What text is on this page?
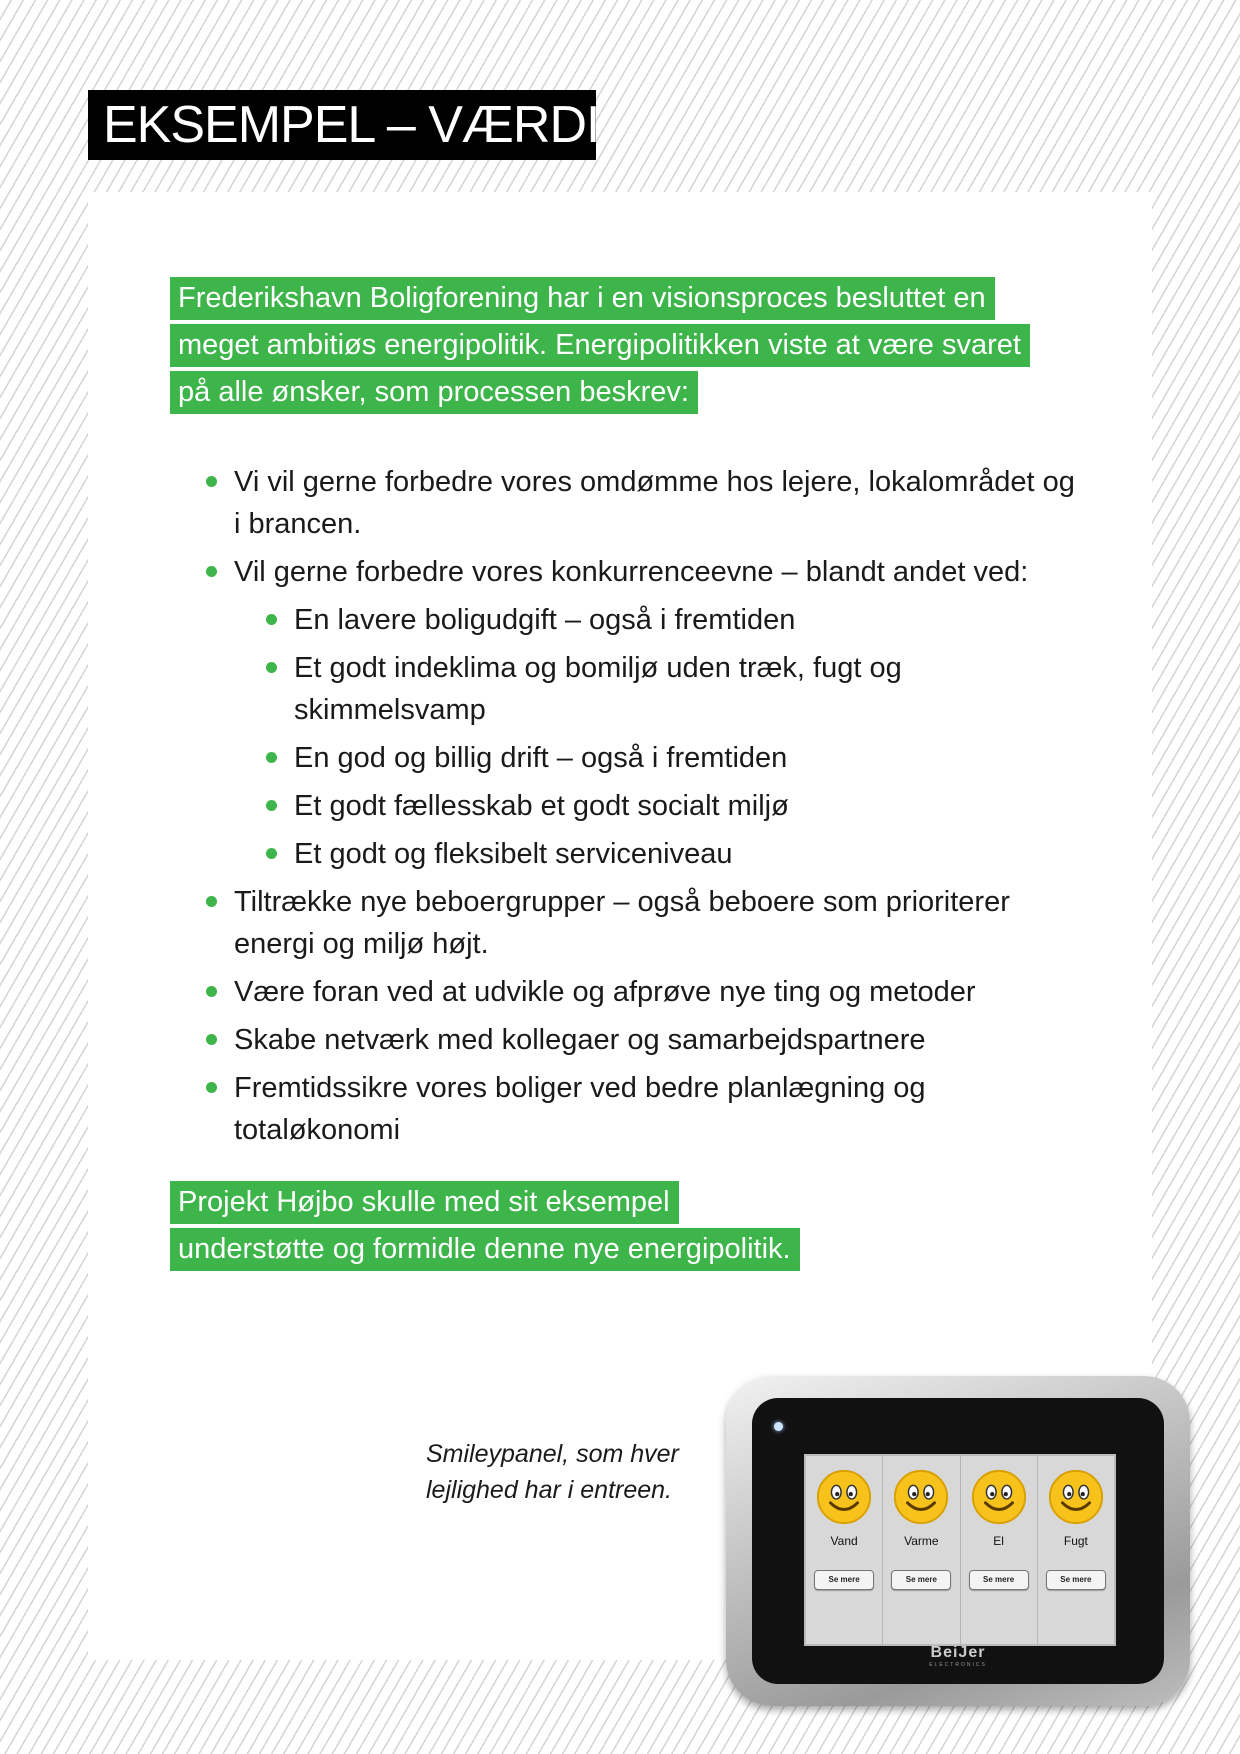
EKSEMPEL – VÆRDI
Frederikshavn Boligforening har i en visionsproces besluttet en
meget ambitiøs energipolitik. Energipolitikken viste at være svaret
på alle ønsker, som processen beskrev:
Vi vil gerne forbedre vores omdømme hos lejere, lokalområdet og i brancen.
Vil gerne forbedre vores konkurrenceevne – blandt andet ved:
En lavere boligudgift – også i fremtiden
Et godt indeklima og bomiljø uden træk, fugt og skimmelsvamp
En god og billig drift – også i fremtiden
Et godt fællesskab et godt socialt miljø
Et godt og fleksibelt serviceniveau
Tiltrække nye beboergrupper – også beboere som prioriterer energi og miljø højt.
Være foran ved at udvikle og afprøve nye ting og metoder
Skabe netværk med kollegaer og samarbejdspartnere
Fremtidssikre vores boliger ved bedre planlægning og totaløkonomi
Projekt Højbo skulle med sit eksempel
understøtte og formidle denne nye energipolitik.
Smileypanel, som hver lejlighed har i entreen.
Vand
Se mere
Varme
Se mere
El
Se mere
Fugt
Se mere
BeiJer
ELECTRONICS
